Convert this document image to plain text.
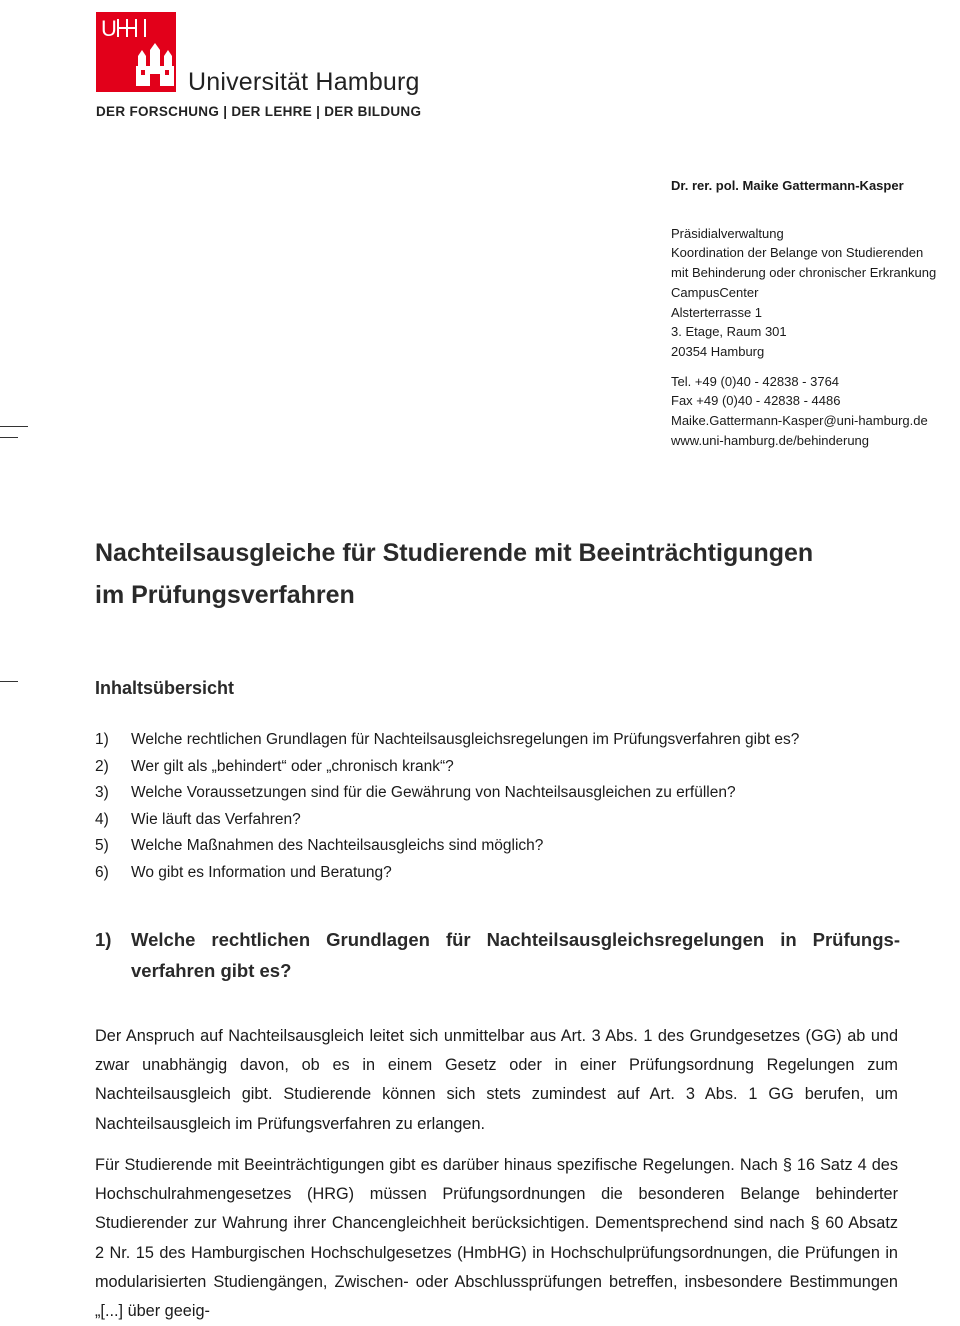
U
Universität Hamburg
DER FORSCHUNG | DER LEHRE | DER BILDUNG
Dr. rer. pol. Maike Gattermann-Kasper
Präsidialverwaltung
Koordination der Belange von Studierenden
mit Behinderung oder chronischer Erkrankung
CampusCenter
Alsterterrasse 1
3. Etage, Raum 301
20354 Hamburg
Tel. +49 (0)40 - 42838 - 3764
Fax +49 (0)40 - 42838 - 4486
Maike.Gattermann-Kasper@uni-hamburg.de
www.uni-hamburg.de/behinderung
Nachteilsausgleiche für Studierende mit Beeinträchtigungen
im Prüfungsverfahren
Inhaltsübersicht
1)	Welche rechtlichen Grundlagen für Nachteilsausgleichsregelungen im Prüfungsverfahren gibt es?
2)	Wer gilt als „behindert“ oder „chronisch krank“?
3)	Welche Voraussetzungen sind für die Gewährung von Nachteilsausgleichen zu erfüllen?
4)	Wie läuft das Verfahren?
5)	Welche Maßnahmen des Nachteilsausgleichs sind möglich?
6)	Wo gibt es Information und Beratung?
1)	Welche rechtlichen Grundlagen für Nachteilsausgleichsregelungen in Prüfungsverfahren gibt es?

Der Anspruch auf Nachteilsausgleich leitet sich unmittelbar aus Art. 3 Abs. 1 des Grundgesetzes (GG) ab und zwar unabhängig davon, ob es in einem Gesetz oder in einer Prüfungsordnung Regelungen zum Nachteilsausgleich gibt. Studierende können sich stets zumindest auf Art. 3 Abs. 1 GG berufen, um Nachteilsausgleich im Prüfungsverfahren zu erlangen.

Für Studierende mit Beeinträchtigungen gibt es darüber hinaus spezifische Regelungen. Nach § 16 Satz 4 des Hochschulrahmengesetzes (HRG) müssen Prüfungsordnungen die besonderen Belange behinderter Studierender zur Wahrung ihrer Chancengleichheit berücksichtigen. Dementsprechend sind nach § 60 Absatz 2 Nr. 15 des Hamburgischen Hochschulgesetzes (HmbHG) in Hochschulprüfungsordnungen, die Prüfungen in modularisierten Studiengängen, Zwischen- oder Abschlussprüfungen betreffen, insbesondere Bestimmungen „[...] über geeig-
